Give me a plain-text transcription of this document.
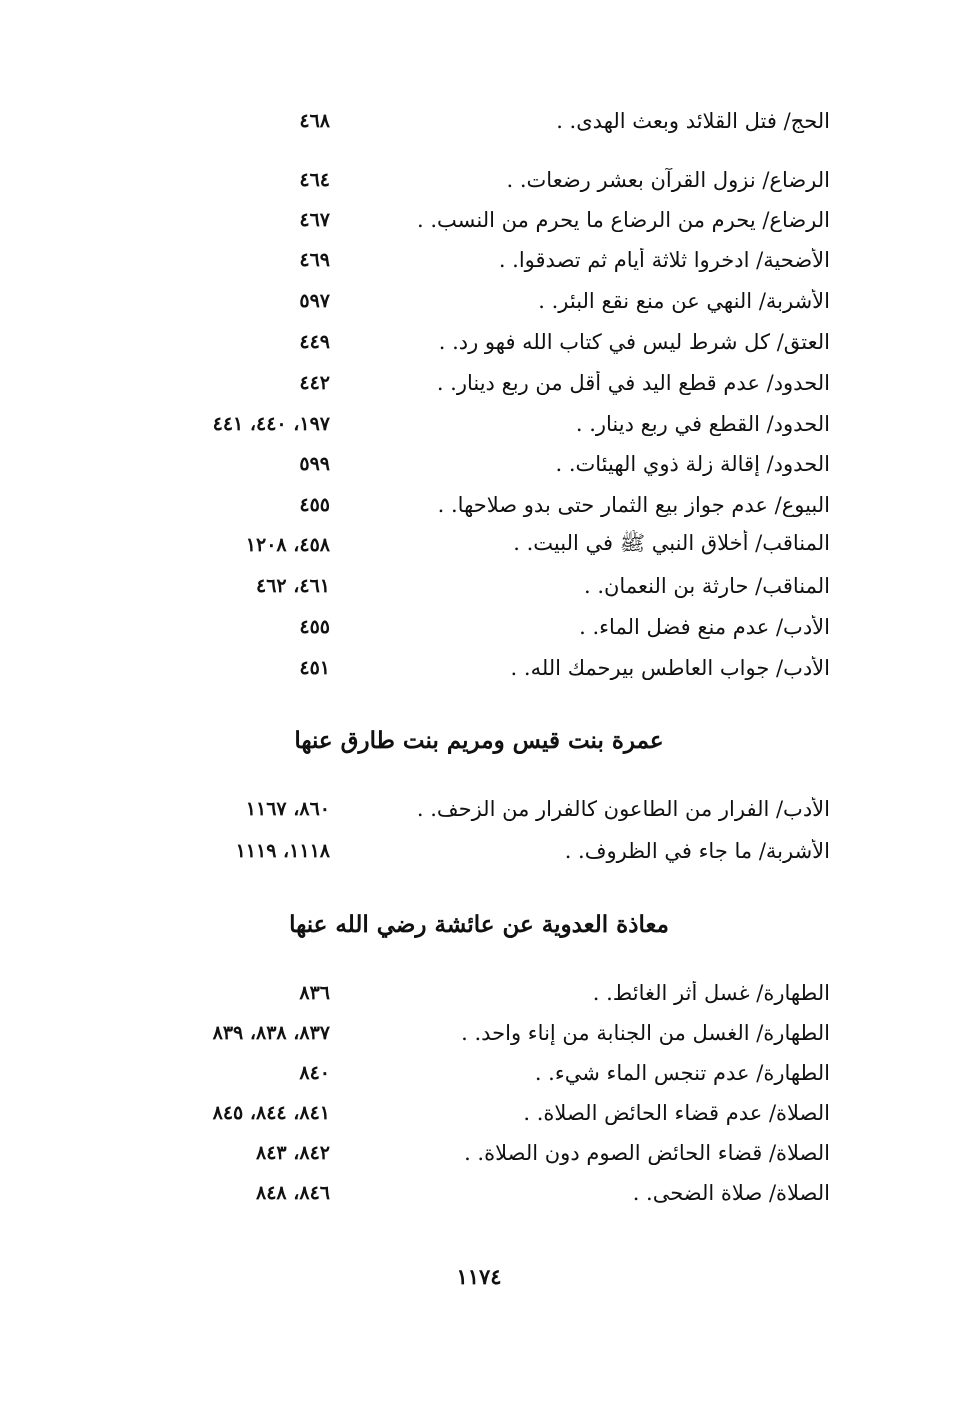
٤٦٨	الحج/ فتل القلائد وبعث الهدى. .
٤٦٤	الرضاع/ نزول القرآن بعشر رضعات. .
٤٦٧	الرضاع/ يحرم من الرضاع ما يحرم من النسب. .
٤٦٩	الأضحية/ ادخروا ثلاثة أيام ثم تصدقوا. .
٥٩٧	الأشربة/ النهي عن منع نقع البئر. .
٤٤٩	العتق/ كل شرط ليس في كتاب الله فهو رد. .
٤٤٢	الحدود/ عدم قطع اليد في أقل من ربع دينار. .
١٩٧، ٤٤٠، ٤٤١	الحدود/ القطع في ربع دينار. .
٥٩٩	الحدود/ إقالة زلة ذوي الهيئات. .
٤٥٥	البيوع/ عدم جواز بيع الثمار حتى بدو صلاحها. .
٤٥٨، ١٢٠٨	المناقب/ أخلاق النبي ﷺ في البيت. .
٤٦١، ٤٦٢	المناقب/ حارثة بن النعمان. .
٤٥٥	الأدب/ عدم منع فضل الماء. .
٤٥١	الأدب/ جواب العاطس بيرحمك الله. .
عمرة بنت قيس ومريم بنت طارق عنها
٨٦٠، ١١٦٧	الأدب/ الفرار من الطاعون كالفرار من الزحف. .
١١١٨، ١١١٩	الأشربة/ ما جاء في الظروف. .
معاذة العدوية عن عائشة رضي الله عنها
٨٣٦	الطهارة/ غسل أثر الغائط. .
٨٣٧، ٨٣٨، ٨٣٩	الطهارة/ الغسل من الجنابة من إناء واحد. .
٨٤٠	الطهارة/ عدم تنجس الماء شيء. .
٨٤١، ٨٤٤، ٨٤٥	الصلاة/ عدم قضاء الحائض الصلاة. .
٨٤٢، ٨٤٣	الصلاة/ قضاء الحائض الصوم دون الصلاة. .
٨٤٦، ٨٤٨	الصلاة/ صلاة الضحى. .
١١٧٤
